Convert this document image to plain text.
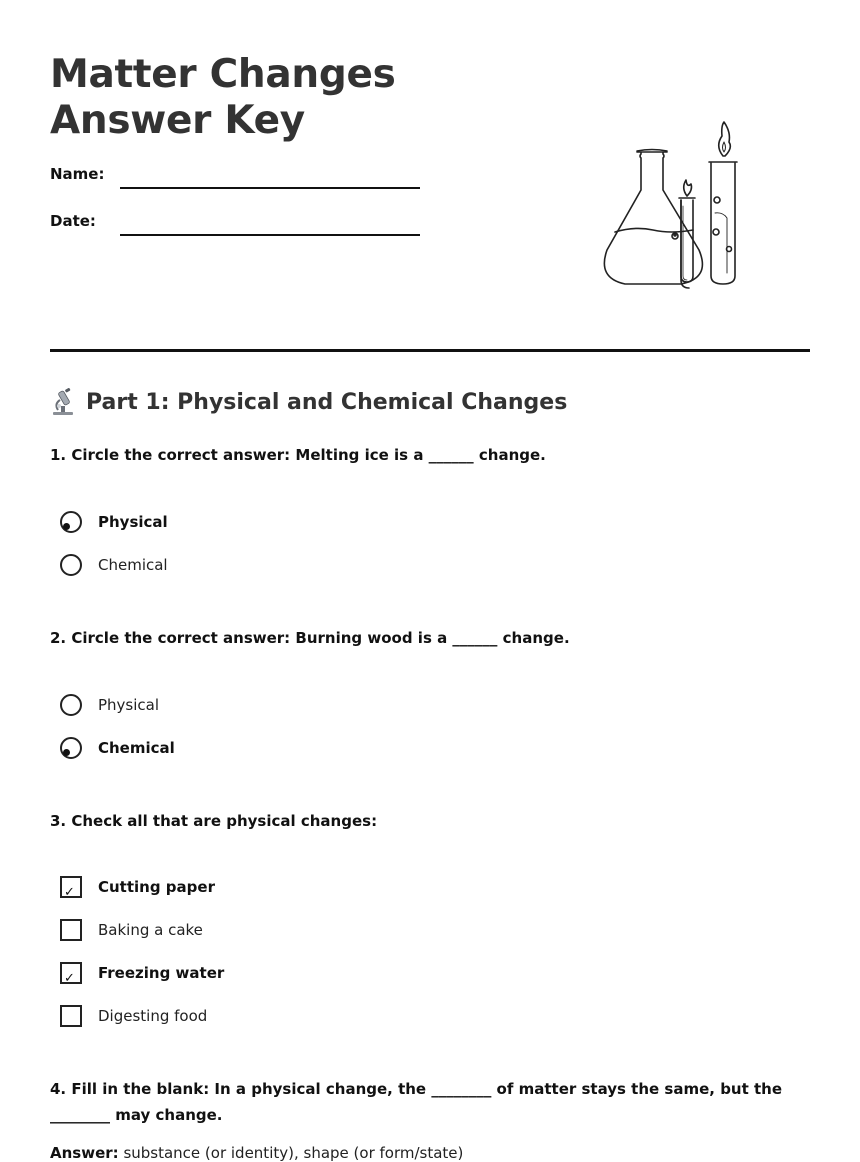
Matter Changes Answer Key
Name:
Date:
Part 1: Physical and Chemical Changes
1. Circle the correct answer: Melting ice is a ______ change.
Physical
Chemical
2. Circle the correct answer: Burning wood is a ______ change.
Physical
Chemical
3. Check all that are physical changes:
✓ Cutting paper
Baking a cake
✓ Freezing water
Digesting food
4. Fill in the blank: In a physical change, the ________ of matter stays the same, but the ________ may change.
Answer: substance (or identity), shape (or form/state)
